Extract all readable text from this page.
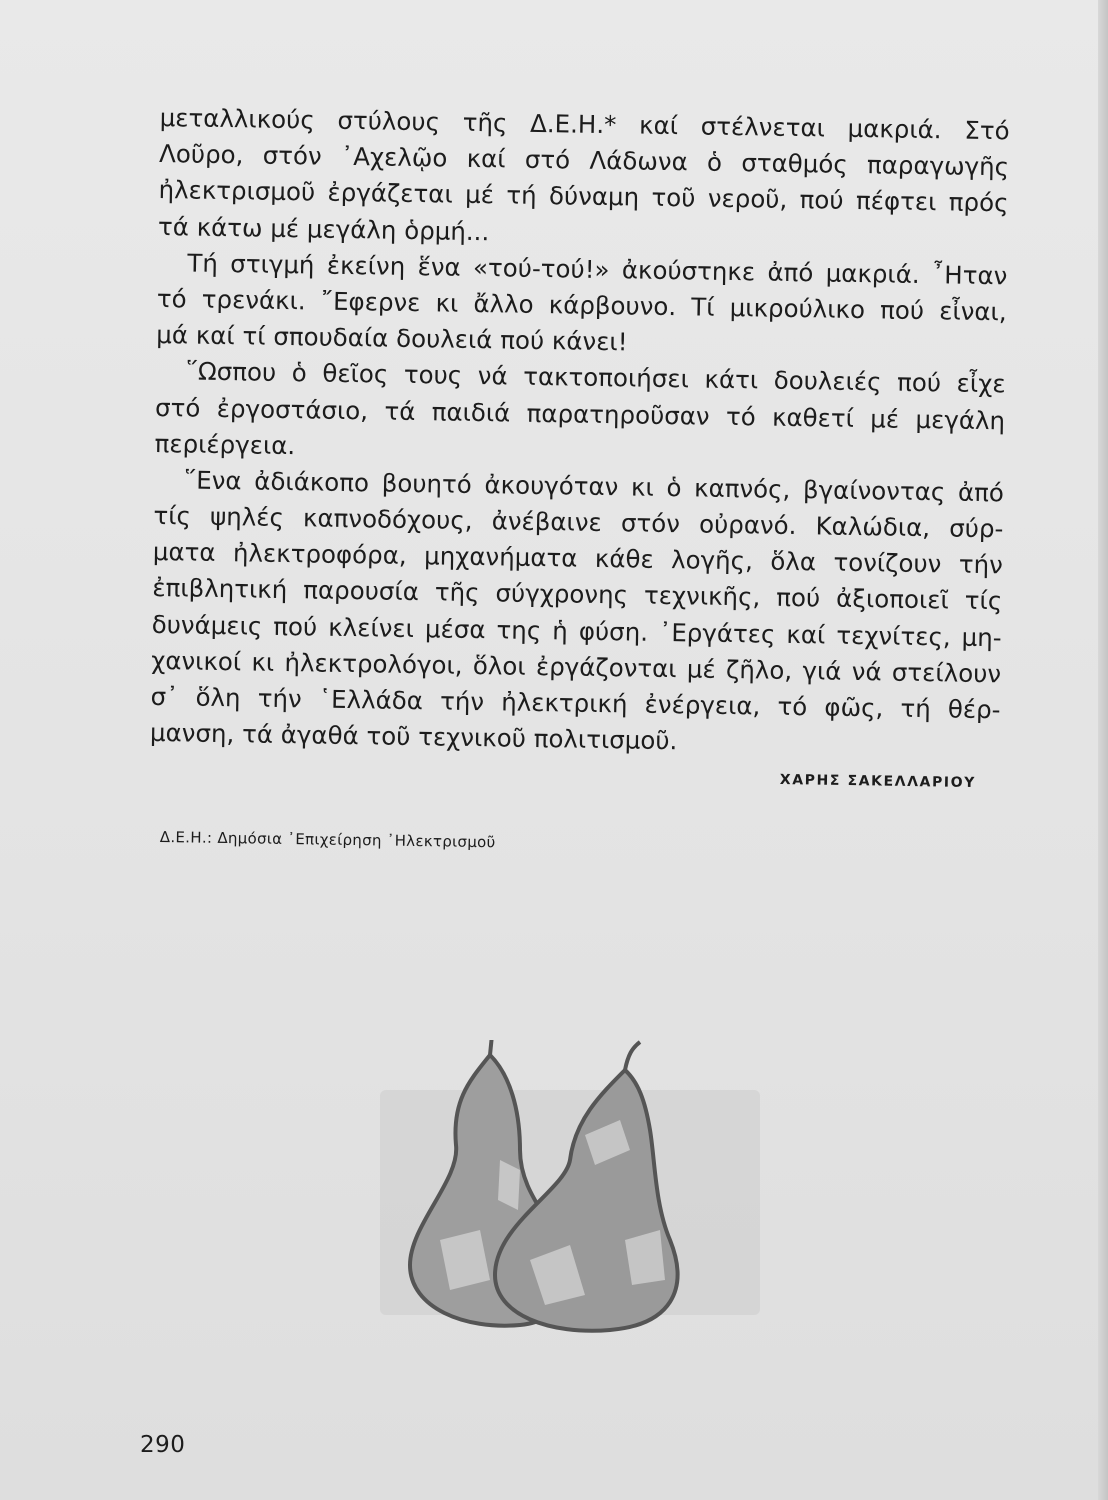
μεταλλικούς στύλους τῆς Δ.Ε.Η.* καί στέλνεται μακριά. Στό
Λοῦρο, στόν ᾿Αχελῷο καί στό Λάδωνα ὁ σταθμός παραγωγῆς
ἠλεκτρισμοῦ ἐργάζεται μέ τή δύναμη τοῦ νεροῦ, πού πέφτει πρός
τά κάτω μέ μεγάλη ὁρμή...
Τή στιγμή ἐκείνη ἕνα «τού-τού!» ἀκούστηκε ἀπό μακριά. ῏Ηταν
τό τρενάκι. ῎Εφερνε κι ἄλλο κάρβουνο. Τί μικρούλικο πού εἶναι,
μά καί τί σπουδαία δουλειά πού κάνει!
῞Ωσπου ὁ θεῖος τους νά τακτοποιήσει κάτι δουλειές πού εἶχε
στό ἐργοστάσιο, τά παιδιά παρατηροῦσαν τό καθετί μέ μεγάλη
περιέργεια.
῞Ενα ἀδιάκοπο βουητό ἀκουγόταν κι ὁ καπνός, βγαίνοντας ἀπό
τίς ψηλές καπνοδόχους, ἀνέβαινε στόν οὐρανό. Καλώδια, σύρ-
ματα ἠλεκτροφόρα, μηχανήματα κάθε λογῆς, ὅλα τονίζουν τήν
ἐπιβλητική παρουσία τῆς σύγχρονης τεχνικῆς, πού ἀξιοποιεῖ τίς
δυνάμεις πού κλείνει μέσα της ἡ φύση. ᾿Εργάτες καί τεχνίτες, μη-
χανικοί κι ἠλεκτρολόγοι, ὅλοι ἐργάζονται μέ ζῆλο, γιά νά στείλουν
σ᾿ ὅλη τήν ῾Ελλάδα τήν ἠλεκτρική ἐνέργεια, τό φῶς, τή θέρ-
μανση, τά ἀγαθά τοῦ τεχνικοῦ πολιτισμοῦ.
ΧΑΡΗΣ ΣΑΚΕΛΛΑΡΙΟΥ
Δ.Ε.Η.: Δημόσια ᾿Επιχείρηση ᾿Ηλεκτρισμοῦ
290
